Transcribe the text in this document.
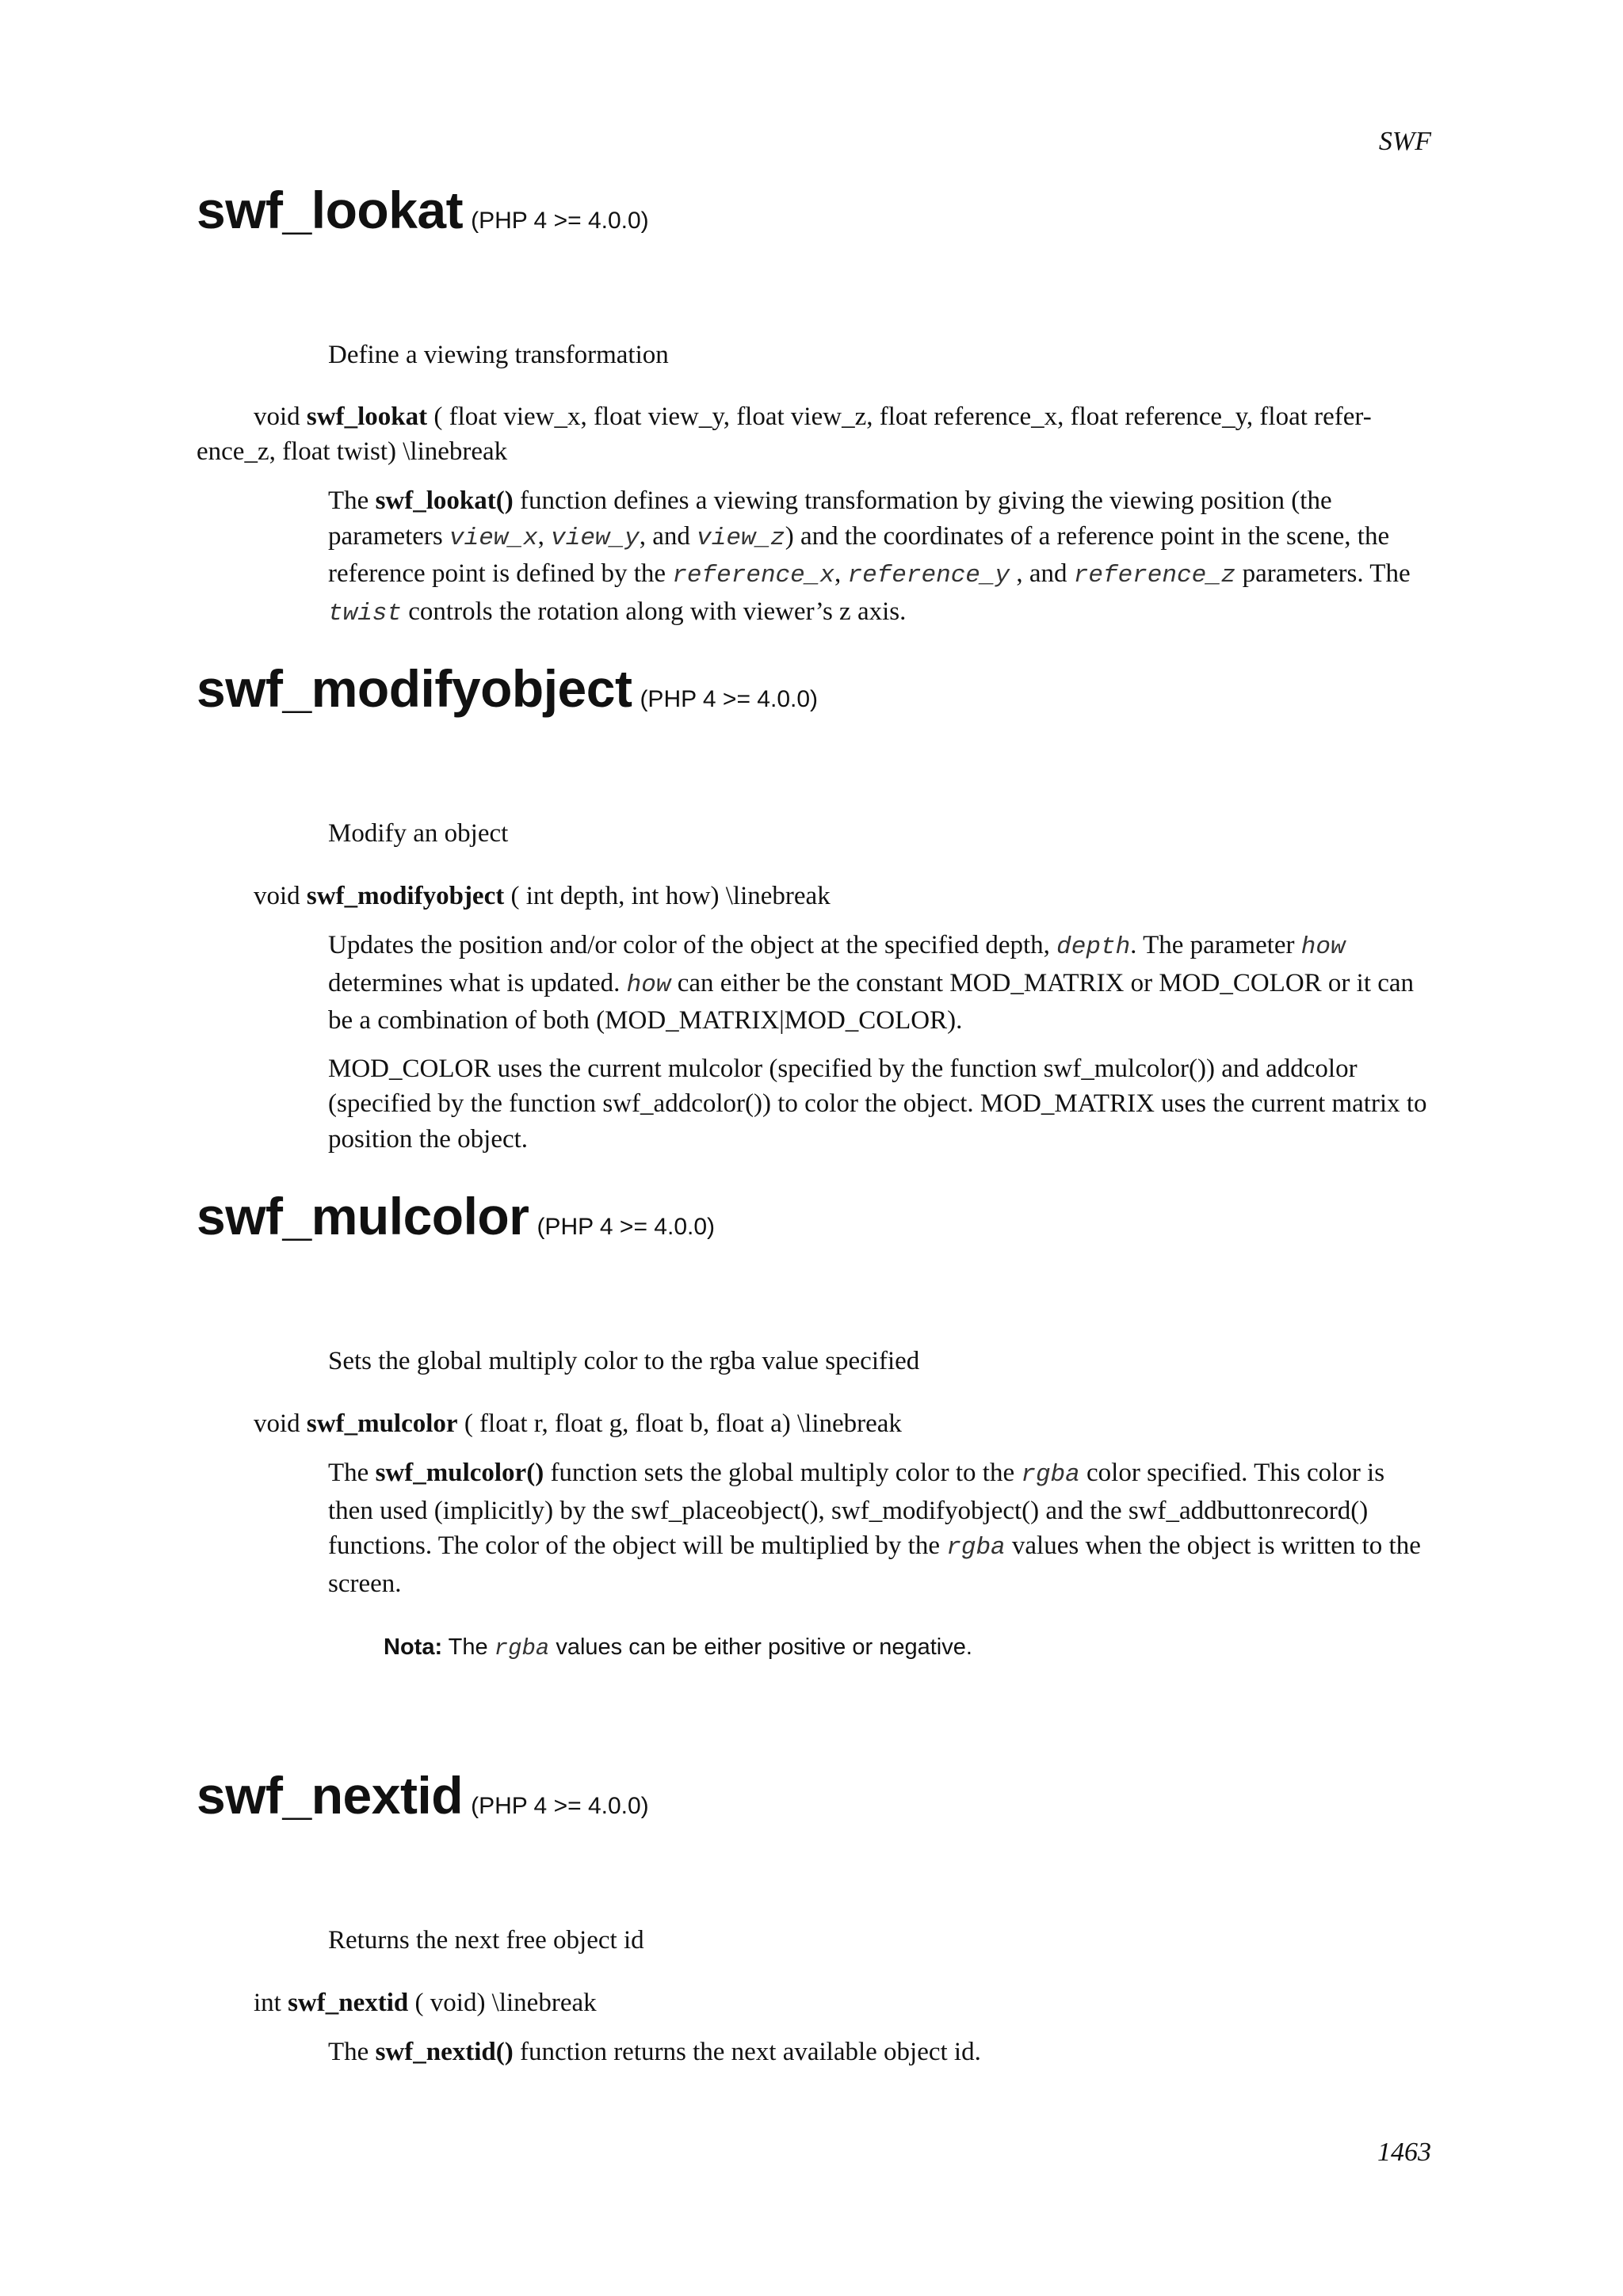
SWF
swf_lookat (PHP 4 >= 4.0.0)

Define a viewing transformation

void swf_lookat ( float view_x, float view_y, float view_z, float reference_x, float reference_y, float refer-
ence_z, float twist) \linebreak

The swf_lookat() function defines a viewing transformation by giving the viewing position (the parameters view_x, view_y, and view_z) and the coordinates of a reference point in the scene, the reference point is defined by the reference_x, reference_y , and reference_z parameters. The twist controls the rotation along with viewer’s z axis.

swf_modifyobject (PHP 4 >= 4.0.0)

Modify an object

void swf_modifyobject ( int depth, int how) \linebreak

Updates the position and/or color of the object at the specified depth, depth. The parameter how determines what is updated. how can either be the constant MOD_MATRIX or MOD_COLOR or it can be a combination of both (MOD_MATRIX|MOD_COLOR).

MOD_COLOR uses the current mulcolor (specified by the function swf_mulcolor()) and addcolor (specified by the function swf_addcolor()) to color the object. MOD_MATRIX uses the current matrix to position the object.

swf_mulcolor (PHP 4 >= 4.0.0)

Sets the global multiply color to the rgba value specified

void swf_mulcolor ( float r, float g, float b, float a) \linebreak

The swf_mulcolor() function sets the global multiply color to the rgba color specified. This color is then used (implicitly) by the swf_placeobject(), swf_modifyobject() and the swf_addbuttonrecord() functions. The color of the object will be multiplied by the rgba values when the object is written to the screen.

Nota: The rgba values can be either positive or negative.

swf_nextid (PHP 4 >= 4.0.0)

Returns the next free object id

int swf_nextid ( void) \linebreak

The swf_nextid() function returns the next available object id.

1463
